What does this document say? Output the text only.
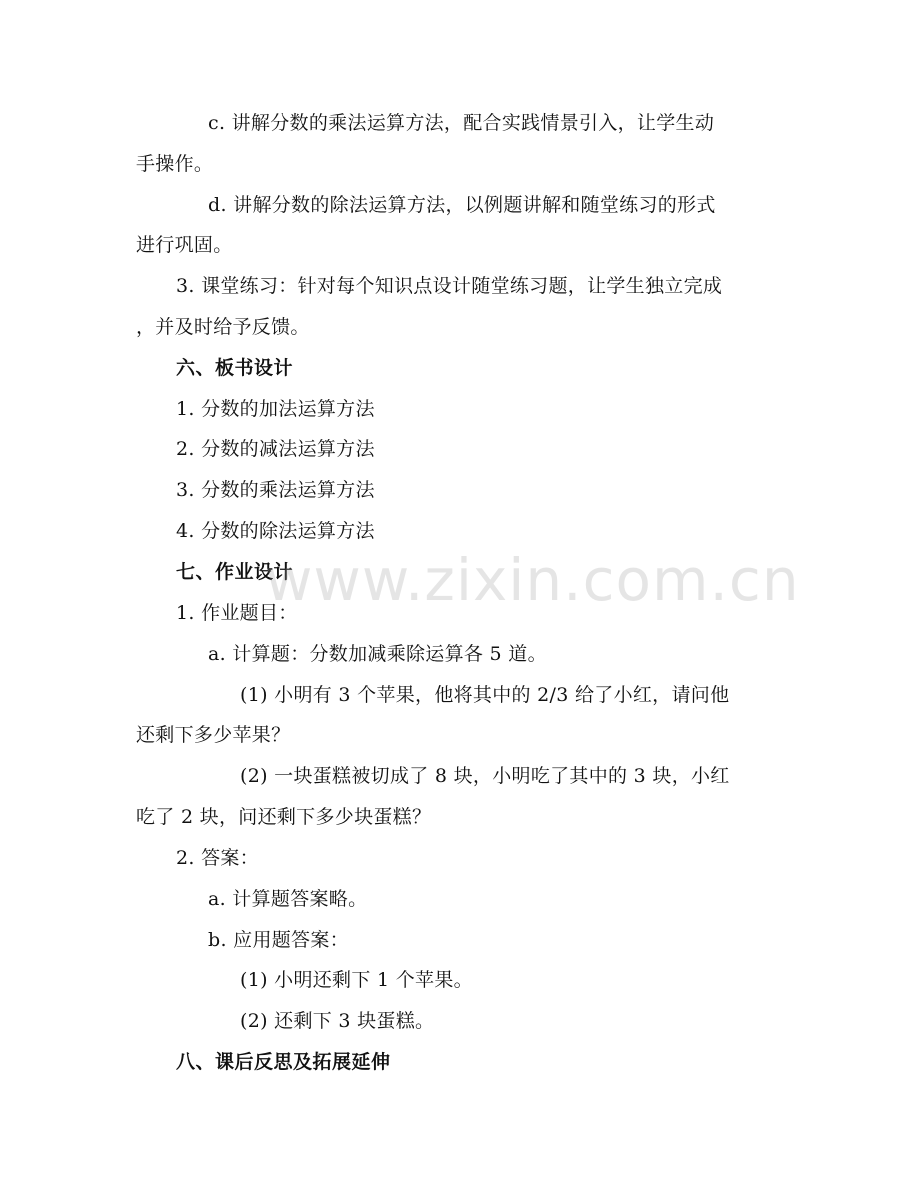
c. 讲解分数的乘法运算方法，配合实践情景引入，让学生动
手操作。
d. 讲解分数的除法运算方法，以例题讲解和随堂练习的形式
进行巩固。
3. 课堂练习：针对每个知识点设计随堂练习题，让学生独立完成
，并及时给予反馈。
六、板书设计
1. 分数的加法运算方法
2. 分数的减法运算方法
3. 分数的乘法运算方法
4. 分数的除法运算方法
七、作业设计
1. 作业题目：
a. 计算题：分数加减乘除运算各 5 道。
(1) 小明有 3 个苹果，他将其中的 2/3 给了小红，请问他
还剩下多少苹果？
(2) 一块蛋糕被切成了 8 块，小明吃了其中的 3 块，小红
吃了 2 块，问还剩下多少块蛋糕？
2. 答案：
a. 计算题答案略。
b. 应用题答案：
(1) 小明还剩下 1 个苹果。
(2) 还剩下 3 块蛋糕。
八、课后反思及拓展延伸
www.zixin.com.cn
